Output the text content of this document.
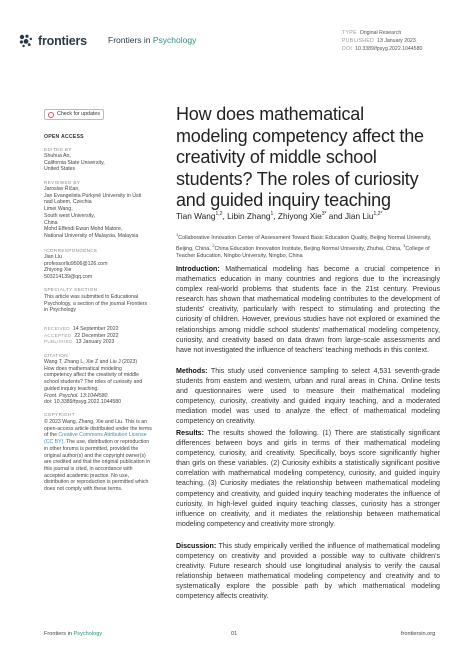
frontiers Frontiers in Psychology
TYPE Original Research
PUBLISHED 13 January 2023
DOI 10.3389/fpsyg.2022.1044580
Check for updates
OPEN ACCESS
EDITED BY
Shuhua An,
California State University,
United States
REVIEWED BY
Jaroslav Říčan,
Jan Evangelista Purkyně University in Ústí
nad Labem, Czechia
Limei Wang,
South west University,
China
Mohd Effendi Ewan Mohd Matore,
National University of Malaysia, Malaysia
*CORRESPONDENCE
Jian Liu
professorliu9506@126.com
Zhiyong Xie
503214139@qq.com
SPECIALTY SECTION
This article was submitted to Educational Psychology, a section of the journal Frontiers in Psychology
RECEIVED 14 September 2022
ACCEPTED 22 December 2022
PUBLISHED 13 January 2023
CITATION
Wang T, Zhang L, Xie Z and Liu J (2023)
How does mathematical modeling
competency affect the creativity of middle
school students? The roles of curiosity and
guided inquiry teaching.
Front. Psychol. 13:1044580.
doi: 10.3389/fpsyg.2022.1044580
COPYRIGHT
© 2023 Wang, Zhang, Xie and Liu. This is an open-access article distributed under the terms of the Creative Commons Attribution License (CC BY). The use, distribution or reproduction in other forums is permitted, provided the original author(s) and the copyright owner(s) are credited and that the original publication in this journal is cited, in accordance with accepted academic practice. No use, distribution or reproduction is permitted which does not comply with these terms.
How does mathematical modeling competency affect the creativity of middle school students? The roles of curiosity and guided inquiry teaching
Tian Wang$^{1,2}$, Libin Zhang$^1$, Zhiyong Xie$^{3*}$ and Jian Liu$^{1,2*}$
$^1$Collaborative Innovation Center of Assessment Toward Basic Education Quality, Beijing Normal University, Beijing, China, $^2$China Education Innovation Institute, Beijing Normal University, Zhuhai, China, $^3$College of Teacher Education, Ningbo University, Ningbo, China
Introduction: Mathematical modeling has become a crucial competence in mathematics education in many countries and regions due to the increasingly complex real-world problems that students face in the 21st century. Previous research has shown that mathematical modeling contributes to the development of students' creativity, particularly with respect to stimulating and protecting the curiosity of children. However, previous studies have not explored or examined the relationships among middle school students' mathematical modeling competency, curiosity, and creativity based on data drawn from large-scale assessments and have not investigated the influence of teachers' teaching methods in this context.
Methods: This study used convenience sampling to select 4,531 seventh-grade students from eastern and western, urban and rural areas in China. Online tests and questionnaires were used to measure their mathematical modeling competency, curiosity, creativity and guided inquiry teaching, and a moderated mediation model was used to analyze the effect of mathematical modeling competency on creativity.
Results: The results showed the following. (1) There are statistically significant differences between boys and girls in terms of their mathematical modeling competency, curiosity, and creativity. Specifically, boys score significantly higher than girls on these variables. (2) Curiosity exhibits a statistically significant positive correlation with mathematical modeling competency, curiosity, and guided inquiry teaching. (3) Curiosity mediates the relationship between mathematical modeling competency and creativity, and guided inquiry teaching moderates the influence of curiosity. In high-level guided inquiry teaching classes, curiosity has a stronger influence on creativity, and it mediates the relationship between mathematical modeling competency and creativity more strongly.
Discussion: This study empirically verified the influence of mathematical modeling competency on creativity and provided a possible way to cultivate children's creativity. Future research should use longitudinal analysis to verify the causal relationship between mathematical modeling competency and creativity and to systematically explore the possible path by which mathematical modeling competency affects creativity.
Frontiers in Psychology	01	frontiersin.org
